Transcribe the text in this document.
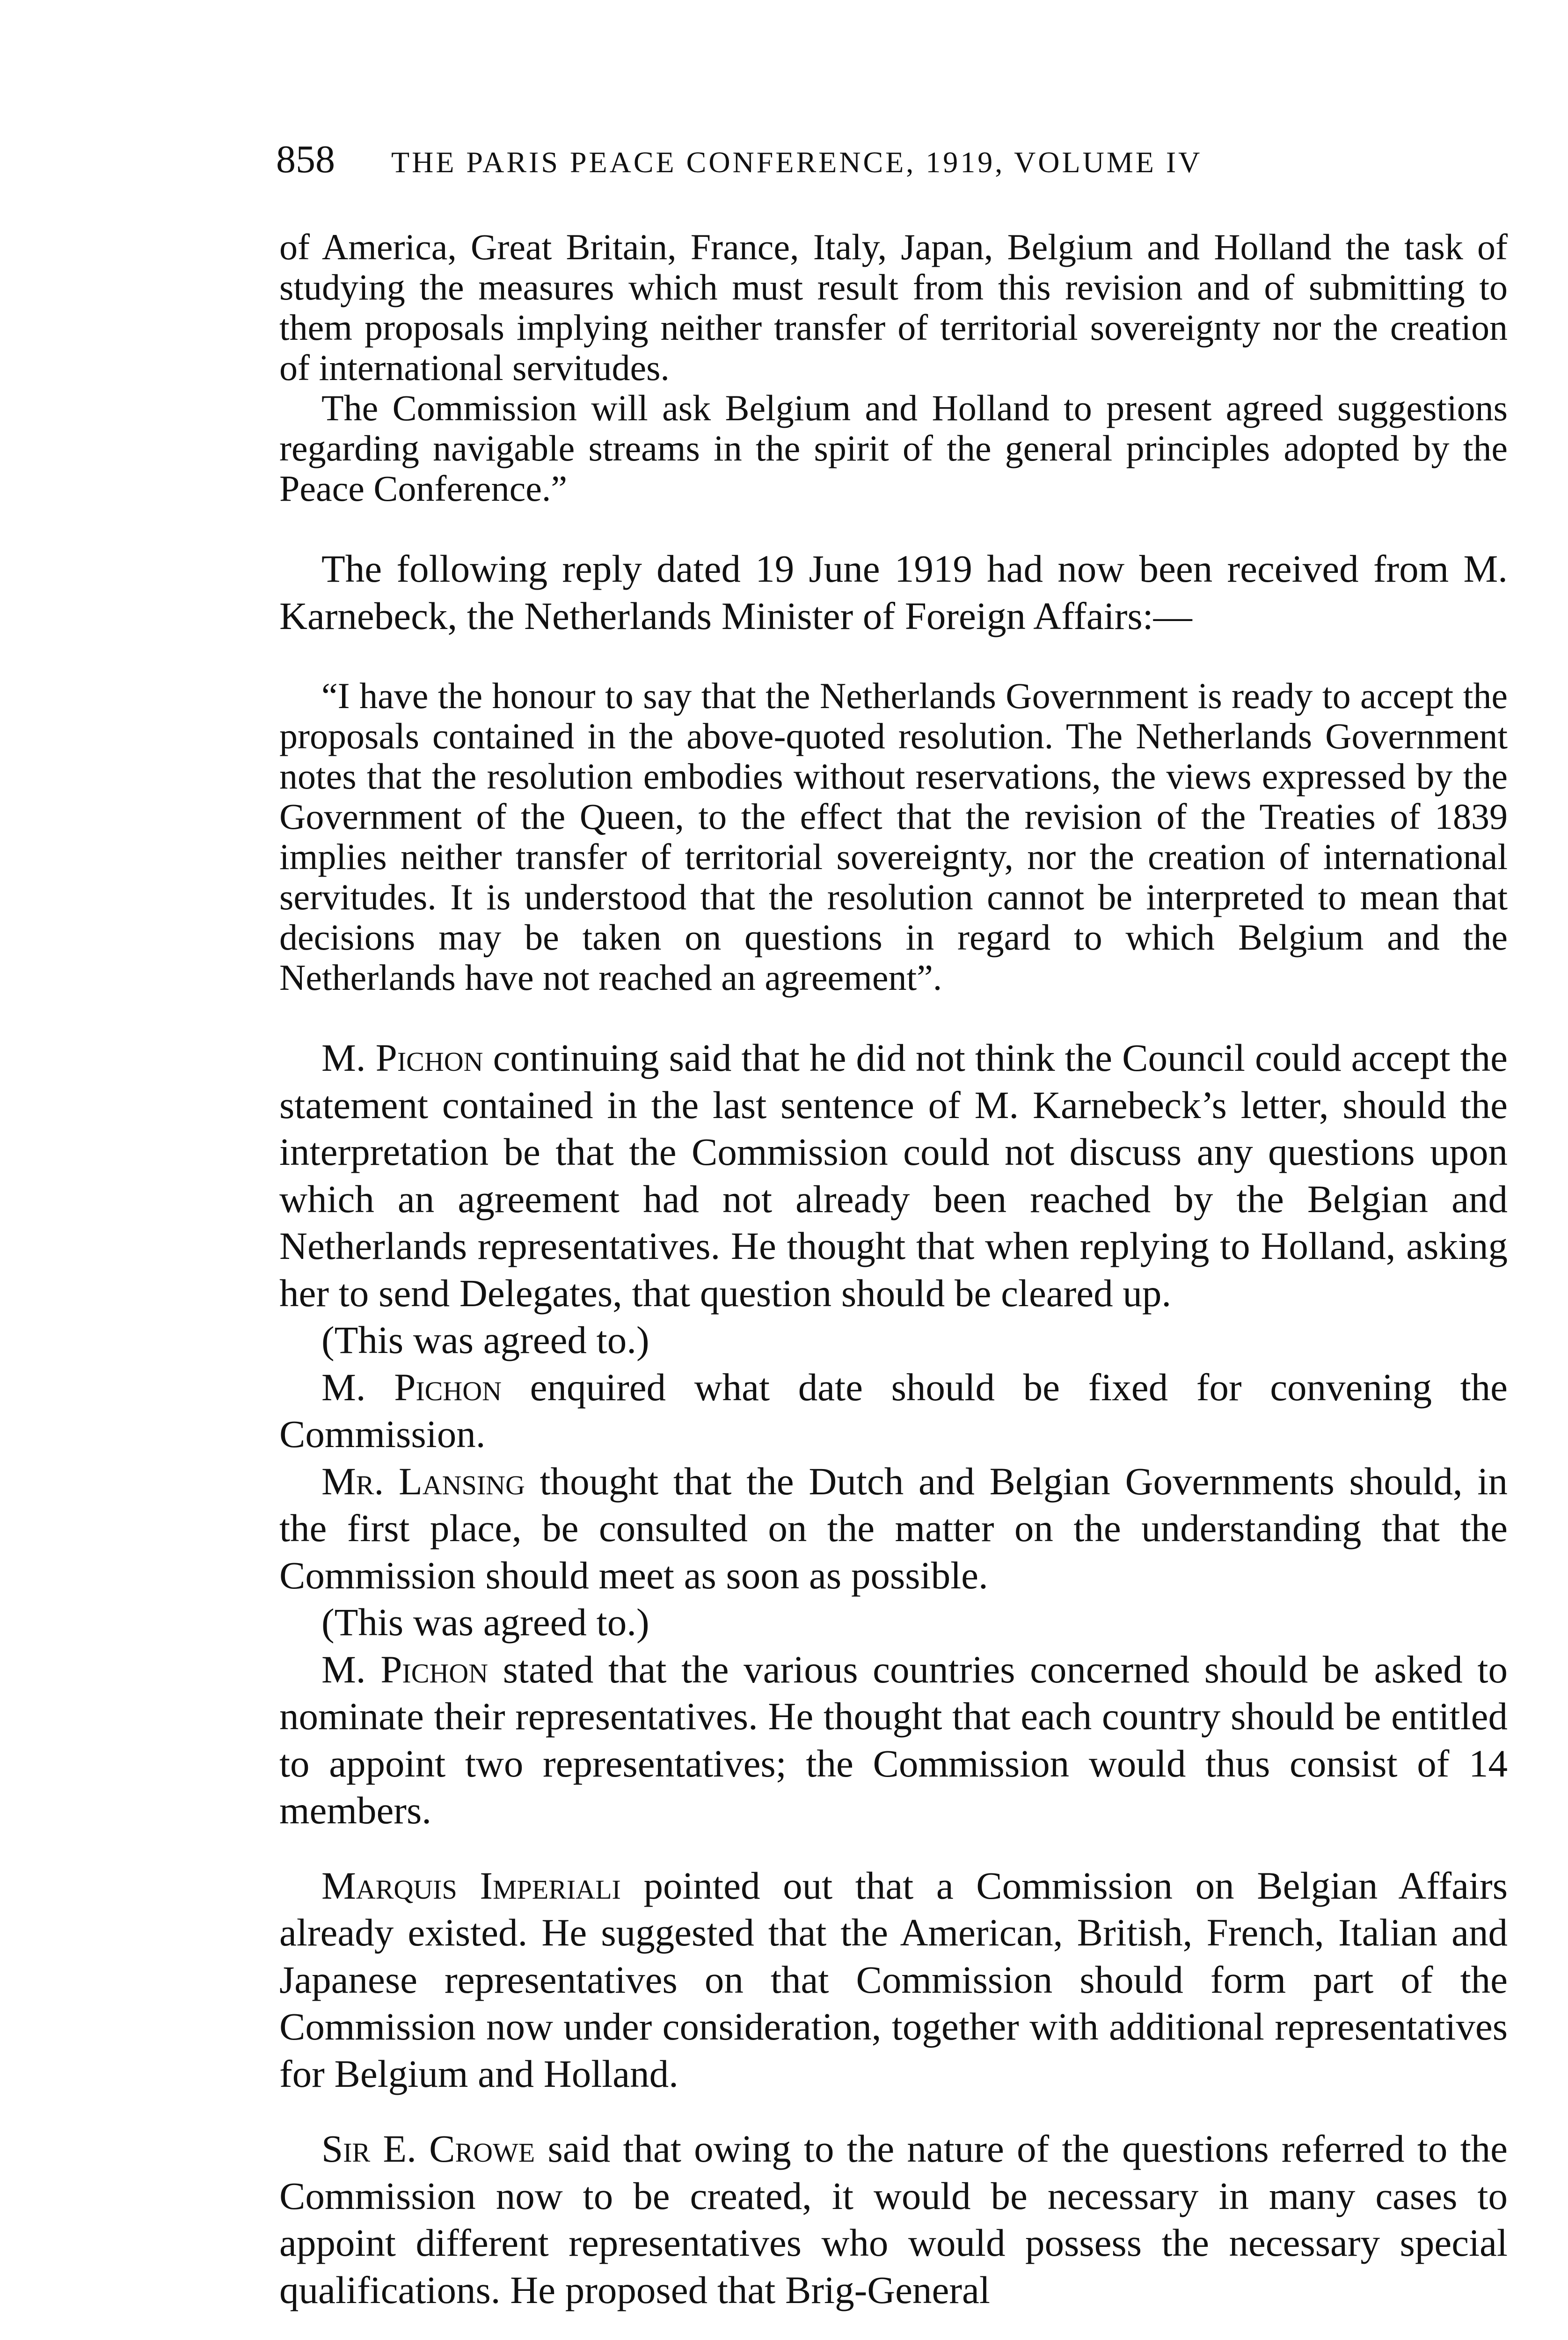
858 THE PARIS PEACE CONFERENCE, 1919, VOLUME IV

of America, Great Britain, France, Italy, Japan, Belgium and Holland the task of studying the measures which must result from this revision and of submitting to them proposals implying neither transfer of territorial sovereignty nor the creation of international servitudes.

The Commission will ask Belgium and Holland to present agreed suggestions regarding navigable streams in the spirit of the general principles adopted by the Peace Conference.”

The following reply dated 19 June 1919 had now been received from M. Karnebeck, the Netherlands Minister of Foreign Affairs:—

“I have the honour to say that the Netherlands Government is ready to accept the proposals contained in the above-quoted resolution. The Netherlands Government notes that the resolution embodies without reservations, the views expressed by the Government of the Queen, to the effect that the revision of the Treaties of 1839 implies neither transfer of territorial sovereignty, nor the creation of international servitudes. It is understood that the resolution cannot be interpreted to mean that decisions may be taken on questions in regard to which Belgium and the Netherlands have not reached an agreement”.

M. Pichon continuing said that he did not think the Council could accept the statement contained in the last sentence of M. Karnebeck’s letter, should the interpretation be that the Commission could not discuss any questions upon which an agreement had not already been reached by the Belgian and Netherlands representatives. He thought that when replying to Holland, asking her to send Delegates, that question should be cleared up.

(This was agreed to.)

M. Pichon enquired what date should be fixed for convening the Commission.

Mr. Lansing thought that the Dutch and Belgian Governments should, in the first place, be consulted on the matter on the understanding that the Commission should meet as soon as possible.

(This was agreed to.)

M. Pichon stated that the various countries concerned should be asked to nominate their representatives. He thought that each country should be entitled to appoint two representatives; the Commission would thus consist of 14 members.

Marquis Imperiali pointed out that a Commission on Belgian Affairs already existed. He suggested that the American, British, French, Italian and Japanese representatives on that Commission should form part of the Commission now under consideration, together with additional representatives for Belgium and Holland.

Sir E. Crowe said that owing to the nature of the questions referred to the Commission now to be created, it would be necessary in many cases to appoint different representatives who would possess the necessary special qualifications. He proposed that Brig-General
